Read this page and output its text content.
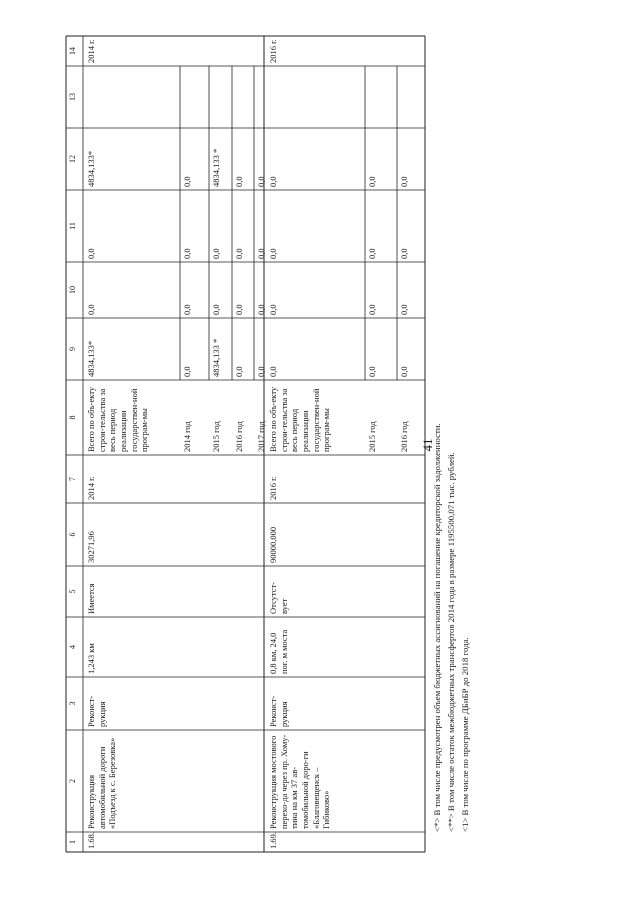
41
1
2
3
4
5
6
7
8
9
10
11
12
13
14
1.68.
Реконструкция автомобильной дороги «Подъезд к с. Березовка»
Реконст-рукция
1,243 км
Имеется
30271,96
2014 г.
2014 г.
Всего по объ-екту строи-тельства за весь период реализации государствен-ной програм-мы
4834,133*
0,0
0,0
4834,133*
2014 год
0,0
0,0
0,0
0,0
2015 год
4834,133 *
0,0
0,0
4834,133 *
2016 год
0,0
0,0
0,0
0,0
2017 год
0,0
0,0
0,0
0,0
1.69.
Реконструкция мостового перехо-да через пр. Хому-тина на км 37 ав-томобильной доро-ги «Благовещенск –Гибиково»
Реконст-рукция
0,8 км, 24,0 пог. м моста
Отсутст-вует
90000,000
2016 г.
2016 г.
Всего по объ-екту строи-тельства за весь период реализации государствен-ной програм-мы
0,0
0,0
0,0
0,0
2015 год
0,0
0,0
0,0
0,0
2016 год
0,0
0,0
0,0
0,0
<*> В том числе предусмотрен объем бюджетных ассигнований на погашение кредиторской задолженности. <**> В том числе остаток межбюджетных трансфертов 2014 года в размере 1195500,071 тыс. рублей. <1> В том числе по программе ДБиБР до 2018 года.
